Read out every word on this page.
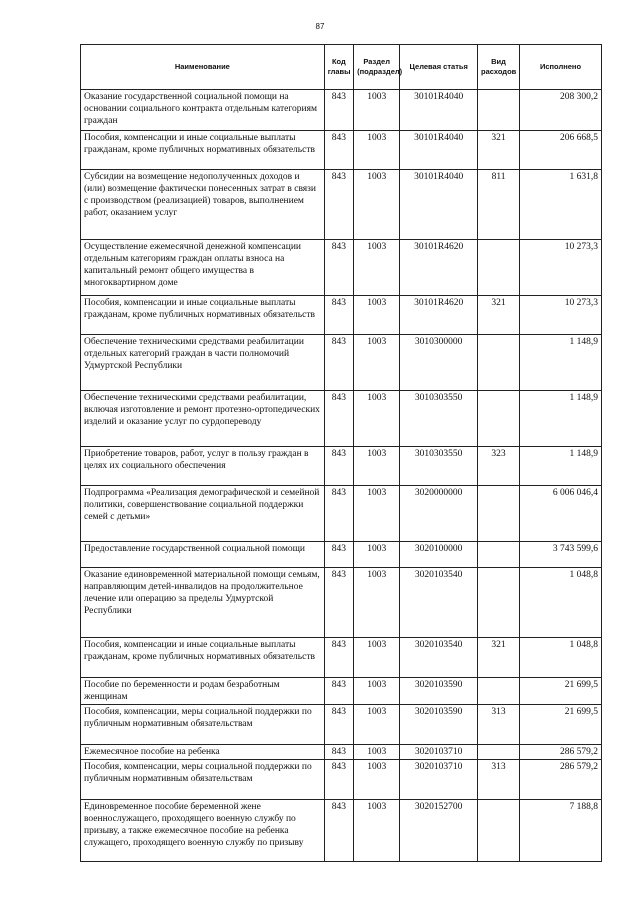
87
Наименование	Код главы	Раздел (подраздел)	Целевая статья	Вид расходов	Исполнено
Оказание государственной социальной помощи на основании социального контракта отдельным категориям граждан	843	1003	30101R4040		208 300,2
Пособия, компенсации и иные социальные выплаты гражданам, кроме публичных нормативных обязательств	843	1003	30101R4040	321	206 668,5
Субсидии на возмещение недополученных доходов и (или) возмещение фактически понесенных затрат в связи с производством (реализацией) товаров, выполнением работ, оказанием услуг	843	1003	30101R4040	811	1 631,8
Осуществление ежемесячной денежной компенсации отдельным категориям граждан оплаты взноса на капитальный ремонт общего имущества в многоквартирном доме	843	1003	30101R4620		10 273,3
Пособия, компенсации и иные социальные выплаты гражданам, кроме публичных нормативных обязательств	843	1003	30101R4620	321	10 273,3
Обеспечение техническими средствами реабилитации отдельных категорий граждан в части полномочий Удмуртской Республики	843	1003	3010300000		1 148,9
Обеспечение техническими средствами реабилитации, включая изготовление и ремонт протезно-ортопедических изделий и оказание услуг по сурдопереводу	843	1003	3010303550		1 148,9
Приобретение товаров, работ, услуг в пользу граждан в целях их социального обеспечения	843	1003	3010303550	323	1 148,9
Подпрограмма «Реализация демографической и семейной политики, совершенствование социальной поддержки семей с детьми»	843	1003	3020000000		6 006 046,4
Предоставление государственной социальной помощи	843	1003	3020100000		3 743 599,6
Оказание единовременной материальной помощи семьям, направляющим детей-инвалидов на продолжительное лечение или операцию за пределы Удмуртской Республики	843	1003	3020103540		1 048,8
Пособия, компенсации и иные социальные выплаты гражданам, кроме публичных нормативных обязательств	843	1003	3020103540	321	1 048,8
Пособие по беременности и родам безработным женщинам	843	1003	3020103590		21 699,5
Пособия, компенсации, меры социальной поддержки по публичным нормативным обязательствам	843	1003	3020103590	313	21 699,5
Ежемесячное пособие на ребенка	843	1003	3020103710		286 579,2
Пособия, компенсации, меры социальной поддержки по публичным нормативным обязательствам	843	1003	3020103710	313	286 579,2
Единовременное пособие беременной жене военнослужащего, проходящего военную службу по призыву, а также ежемесячное пособие на ребенка служащего, проходящего военную службу по призыву	843	1003	3020152700		7 188,8
